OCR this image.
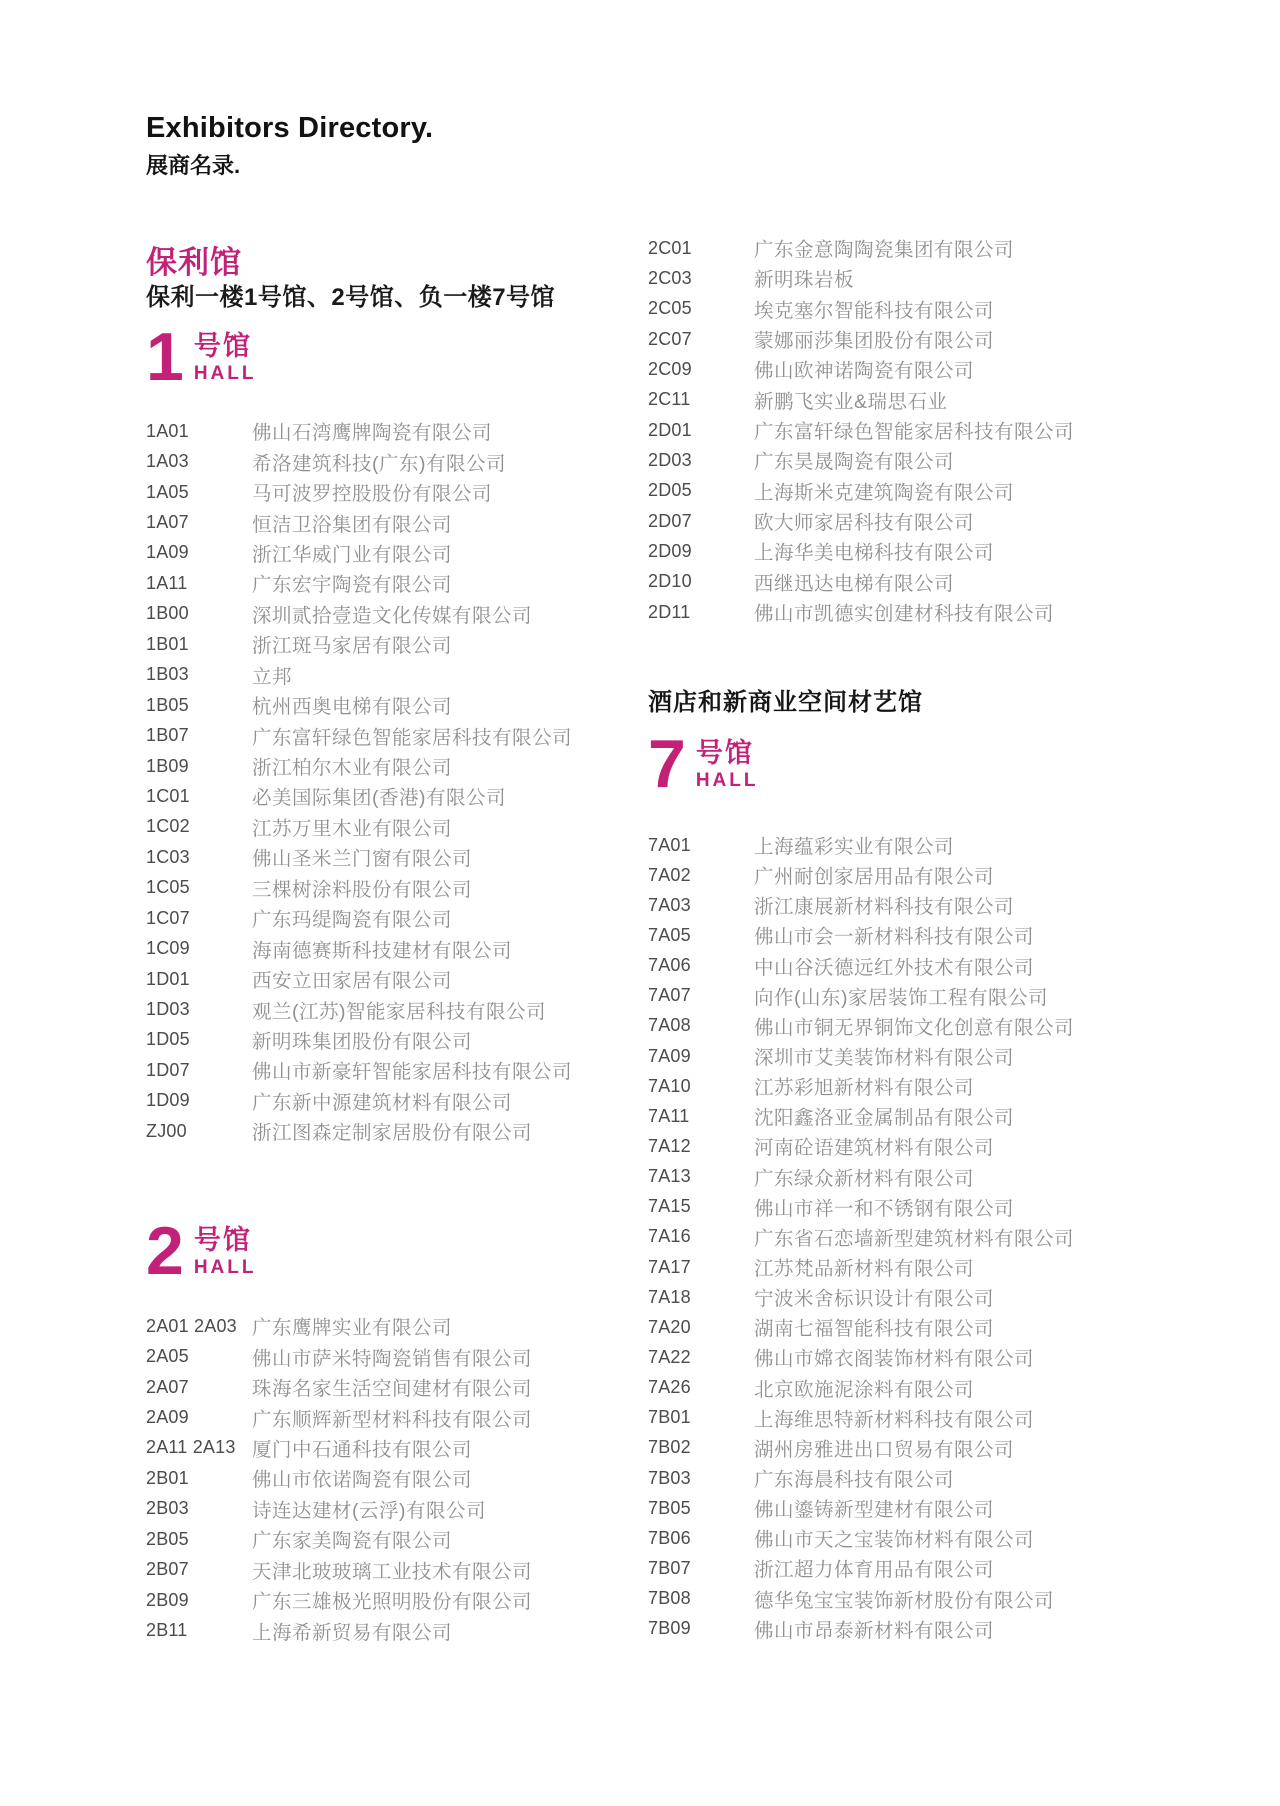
Exhibitors Directory.
展商名录.
保利馆
保利一楼1号馆、2号馆、负一楼7号馆
1 号馆
HALL
1A01	佛山石湾鹰牌陶瓷有限公司
1A03	希洛建筑科技(广东)有限公司
1A05	马可波罗控股股份有限公司
1A07	恒洁卫浴集团有限公司
1A09	浙江华威门业有限公司
1A11	广东宏宇陶瓷有限公司
1B00	深圳贰拾壹造文化传媒有限公司
1B01	浙江斑马家居有限公司
1B03	立邦
1B05	杭州西奥电梯有限公司
1B07	广东富轩绿色智能家居科技有限公司
1B09	浙江柏尔木业有限公司
1C01	必美国际集团(香港)有限公司
1C02	江苏万里木业有限公司
1C03	佛山圣米兰门窗有限公司
1C05	三棵树涂料股份有限公司
1C07	广东玛缇陶瓷有限公司
1C09	海南德赛斯科技建材有限公司
1D01	西安立田家居有限公司
1D03	观兰(江苏)智能家居科技有限公司
1D05	新明珠集团股份有限公司
1D07	佛山市新豪轩智能家居科技有限公司
1D09	广东新中源建筑材料有限公司
ZJ00	浙江图森定制家居股份有限公司
2 号馆
HALL
2A01 2A03 广东鹰牌实业有限公司
2A05	佛山市萨米特陶瓷销售有限公司
2A07	珠海名家生活空间建材有限公司
2A09	广东顺辉新型材料科技有限公司
2A11 2A13 厦门中石通科技有限公司
2B01	佛山市依诺陶瓷有限公司
2B03	诗连达建材(云浮)有限公司
2B05	广东家美陶瓷有限公司
2B07	天津北玻玻璃工业技术有限公司
2B09	广东三雄极光照明股份有限公司
2B11	上海希新贸易有限公司
2C01	广东金意陶陶瓷集团有限公司
2C03	新明珠岩板
2C05	埃克塞尔智能科技有限公司
2C07	蒙娜丽莎集团股份有限公司
2C09	佛山欧神诺陶瓷有限公司
2C11	新鹏飞实业&瑞思石业
2D01	广东富轩绿色智能家居科技有限公司
2D03	广东昊晟陶瓷有限公司
2D05	上海斯米克建筑陶瓷有限公司
2D07	欧大师家居科技有限公司
2D09	上海华美电梯科技有限公司
2D10	西继迅达电梯有限公司
2D11	佛山市凯德实创建材科技有限公司
酒店和新商业空间材艺馆
7 号馆
HALL
7A01	上海蕴彩实业有限公司
7A02	广州耐创家居用品有限公司
7A03	浙江康展新材料科技有限公司
7A05	佛山市会一新材料科技有限公司
7A06	中山谷沃德远红外技术有限公司
7A07	向作(山东)家居装饰工程有限公司
7A08	佛山市铜无界铜饰文化创意有限公司
7A09	深圳市艾美装饰材料有限公司
7A10	江苏彩旭新材料有限公司
7A11	沈阳鑫洛亚金属制品有限公司
7A12	河南砼语建筑材料有限公司
7A13	广东绿众新材料有限公司
7A15	佛山市祥一和不锈钢有限公司
7A16	广东省石恋墙新型建筑材料有限公司
7A17	江苏梵品新材料有限公司
7A18	宁波米舍标识设计有限公司
7A20	湖南七福智能科技有限公司
7A22	佛山市嫦衣阁装饰材料有限公司
7A26	北京欧施泥涂料有限公司
7B01	上海维思特新材料科技有限公司
7B02	湖州房雅进出口贸易有限公司
7B03	广东海晨科技有限公司
7B05	佛山鎏铸新型建材有限公司
7B06	佛山市天之宝装饰材料有限公司
7B07	浙江超力体育用品有限公司
7B08	德华兔宝宝装饰新材股份有限公司
7B09	佛山市昂泰新材料有限公司
